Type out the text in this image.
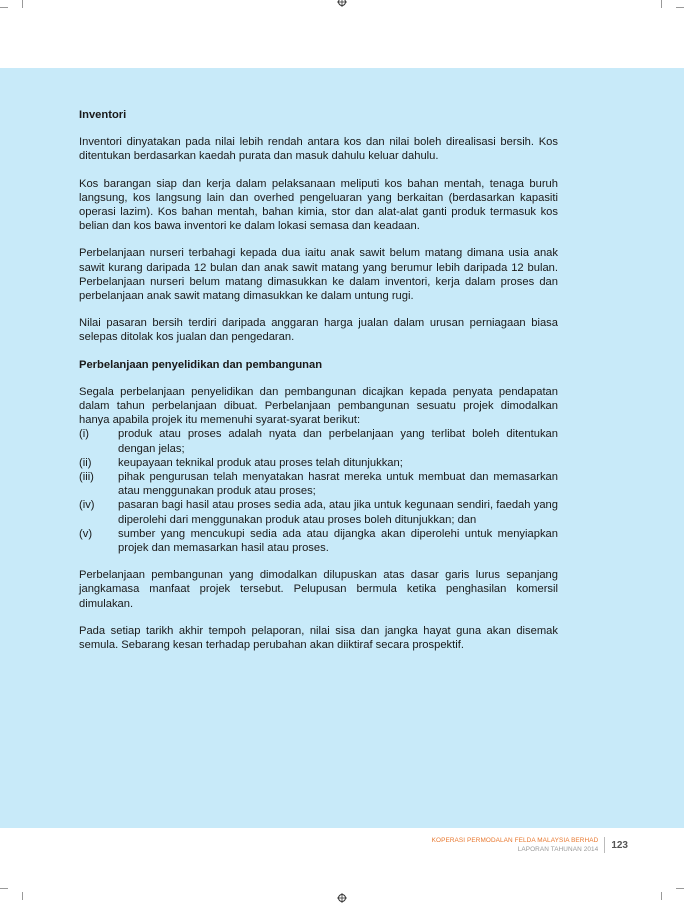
Inventori

Inventori dinyatakan pada nilai lebih rendah antara kos dan nilai boleh direalisasi bersih. Kos ditentukan berdasarkan kaedah purata dan masuk dahulu keluar dahulu.

Kos barangan siap dan kerja dalam pelaksanaan meliputi kos bahan mentah, tenaga buruh langsung, kos langsung lain dan overhed pengeluaran yang berkaitan (berdasarkan kapasiti operasi lazim). Kos bahan mentah, bahan kimia, stor dan alat-alat ganti produk termasuk kos belian dan kos bawa inventori ke dalam lokasi semasa dan keadaan.

Perbelanjaan nurseri terbahagi kepada dua iaitu anak sawit belum matang dimana usia anak sawit kurang daripada 12 bulan dan anak sawit matang yang berumur lebih daripada 12 bulan. Perbelanjaan nurseri belum matang dimasukkan ke dalam inventori, kerja dalam proses dan perbelanjaan anak sawit matang dimasukkan ke dalam untung rugi.

Nilai pasaran bersih terdiri daripada anggaran harga jualan dalam urusan perniagaan biasa selepas ditolak kos jualan dan pengedaran.

Perbelanjaan penyelidikan dan pembangunan

Segala perbelanjaan penyelidikan dan pembangunan dicajkan kepada penyata pendapatan dalam tahun perbelanjaan dibuat. Perbelanjaan pembangunan sesuatu projek dimodalkan hanya apabila projek itu memenuhi syarat-syarat berikut:

(i)	produk atau proses adalah nyata dan perbelanjaan yang terlibat boleh ditentukan dengan jelas;
(ii)	keupayaan teknikal produk atau proses telah ditunjukkan;
(iii)	pihak pengurusan telah menyatakan hasrat mereka untuk membuat dan memasarkan atau menggunakan produk atau proses;
(iv)	pasaran bagi hasil atau proses sedia ada, atau jika untuk kegunaan sendiri, faedah yang diperolehi dari menggunakan produk atau proses boleh ditunjukkan; dan
(v)	sumber yang mencukupi sedia ada atau dijangka akan diperolehi untuk menyiapkan projek dan memasarkan hasil atau proses.

Perbelanjaan pembangunan yang dimodalkan dilupuskan atas dasar garis lurus sepanjang jangkamasa manfaat projek tersebut. Pelupusan bermula ketika penghasilan komersil dimulakan.

Pada setiap tarikh akhir tempoh pelaporan, nilai sisa dan jangka hayat guna akan disemak semula. Sebarang kesan terhadap perubahan akan diiktiraf secara prospektif.

KOPERASI PERMODALAN FELDA MALAYSIA BERHAD
LAPORAN TAHUNAN 2014 123
